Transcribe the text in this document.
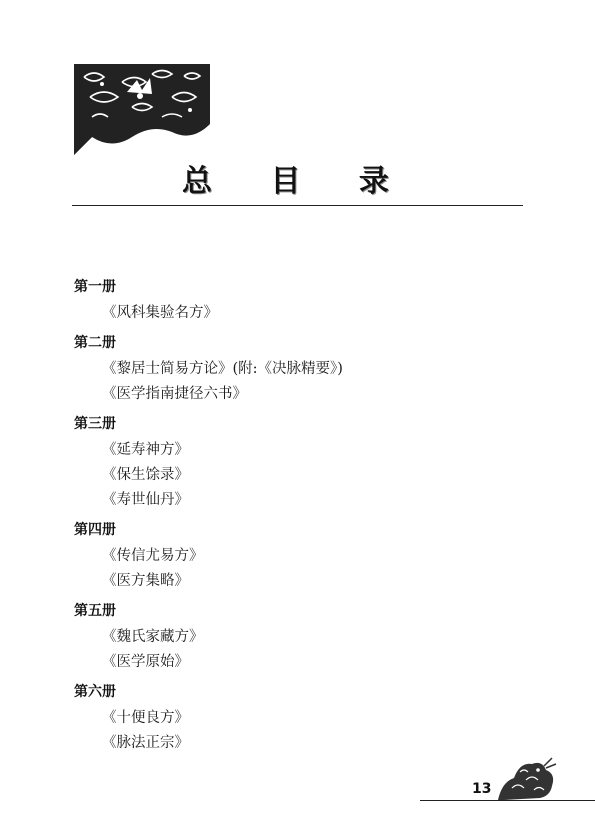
总 目 录
第一册
《风科集验名方》
第二册
《黎居士简易方论》(附:《决脉精要》)
《医学指南捷径六书》
第三册
《延寿神方》
《保生馀录》
《寿世仙丹》
第四册
《传信尤易方》
《医方集略》
第五册
《魏氏家藏方》
《医学原始》
第六册
《十便良方》
《脉法正宗》
13
